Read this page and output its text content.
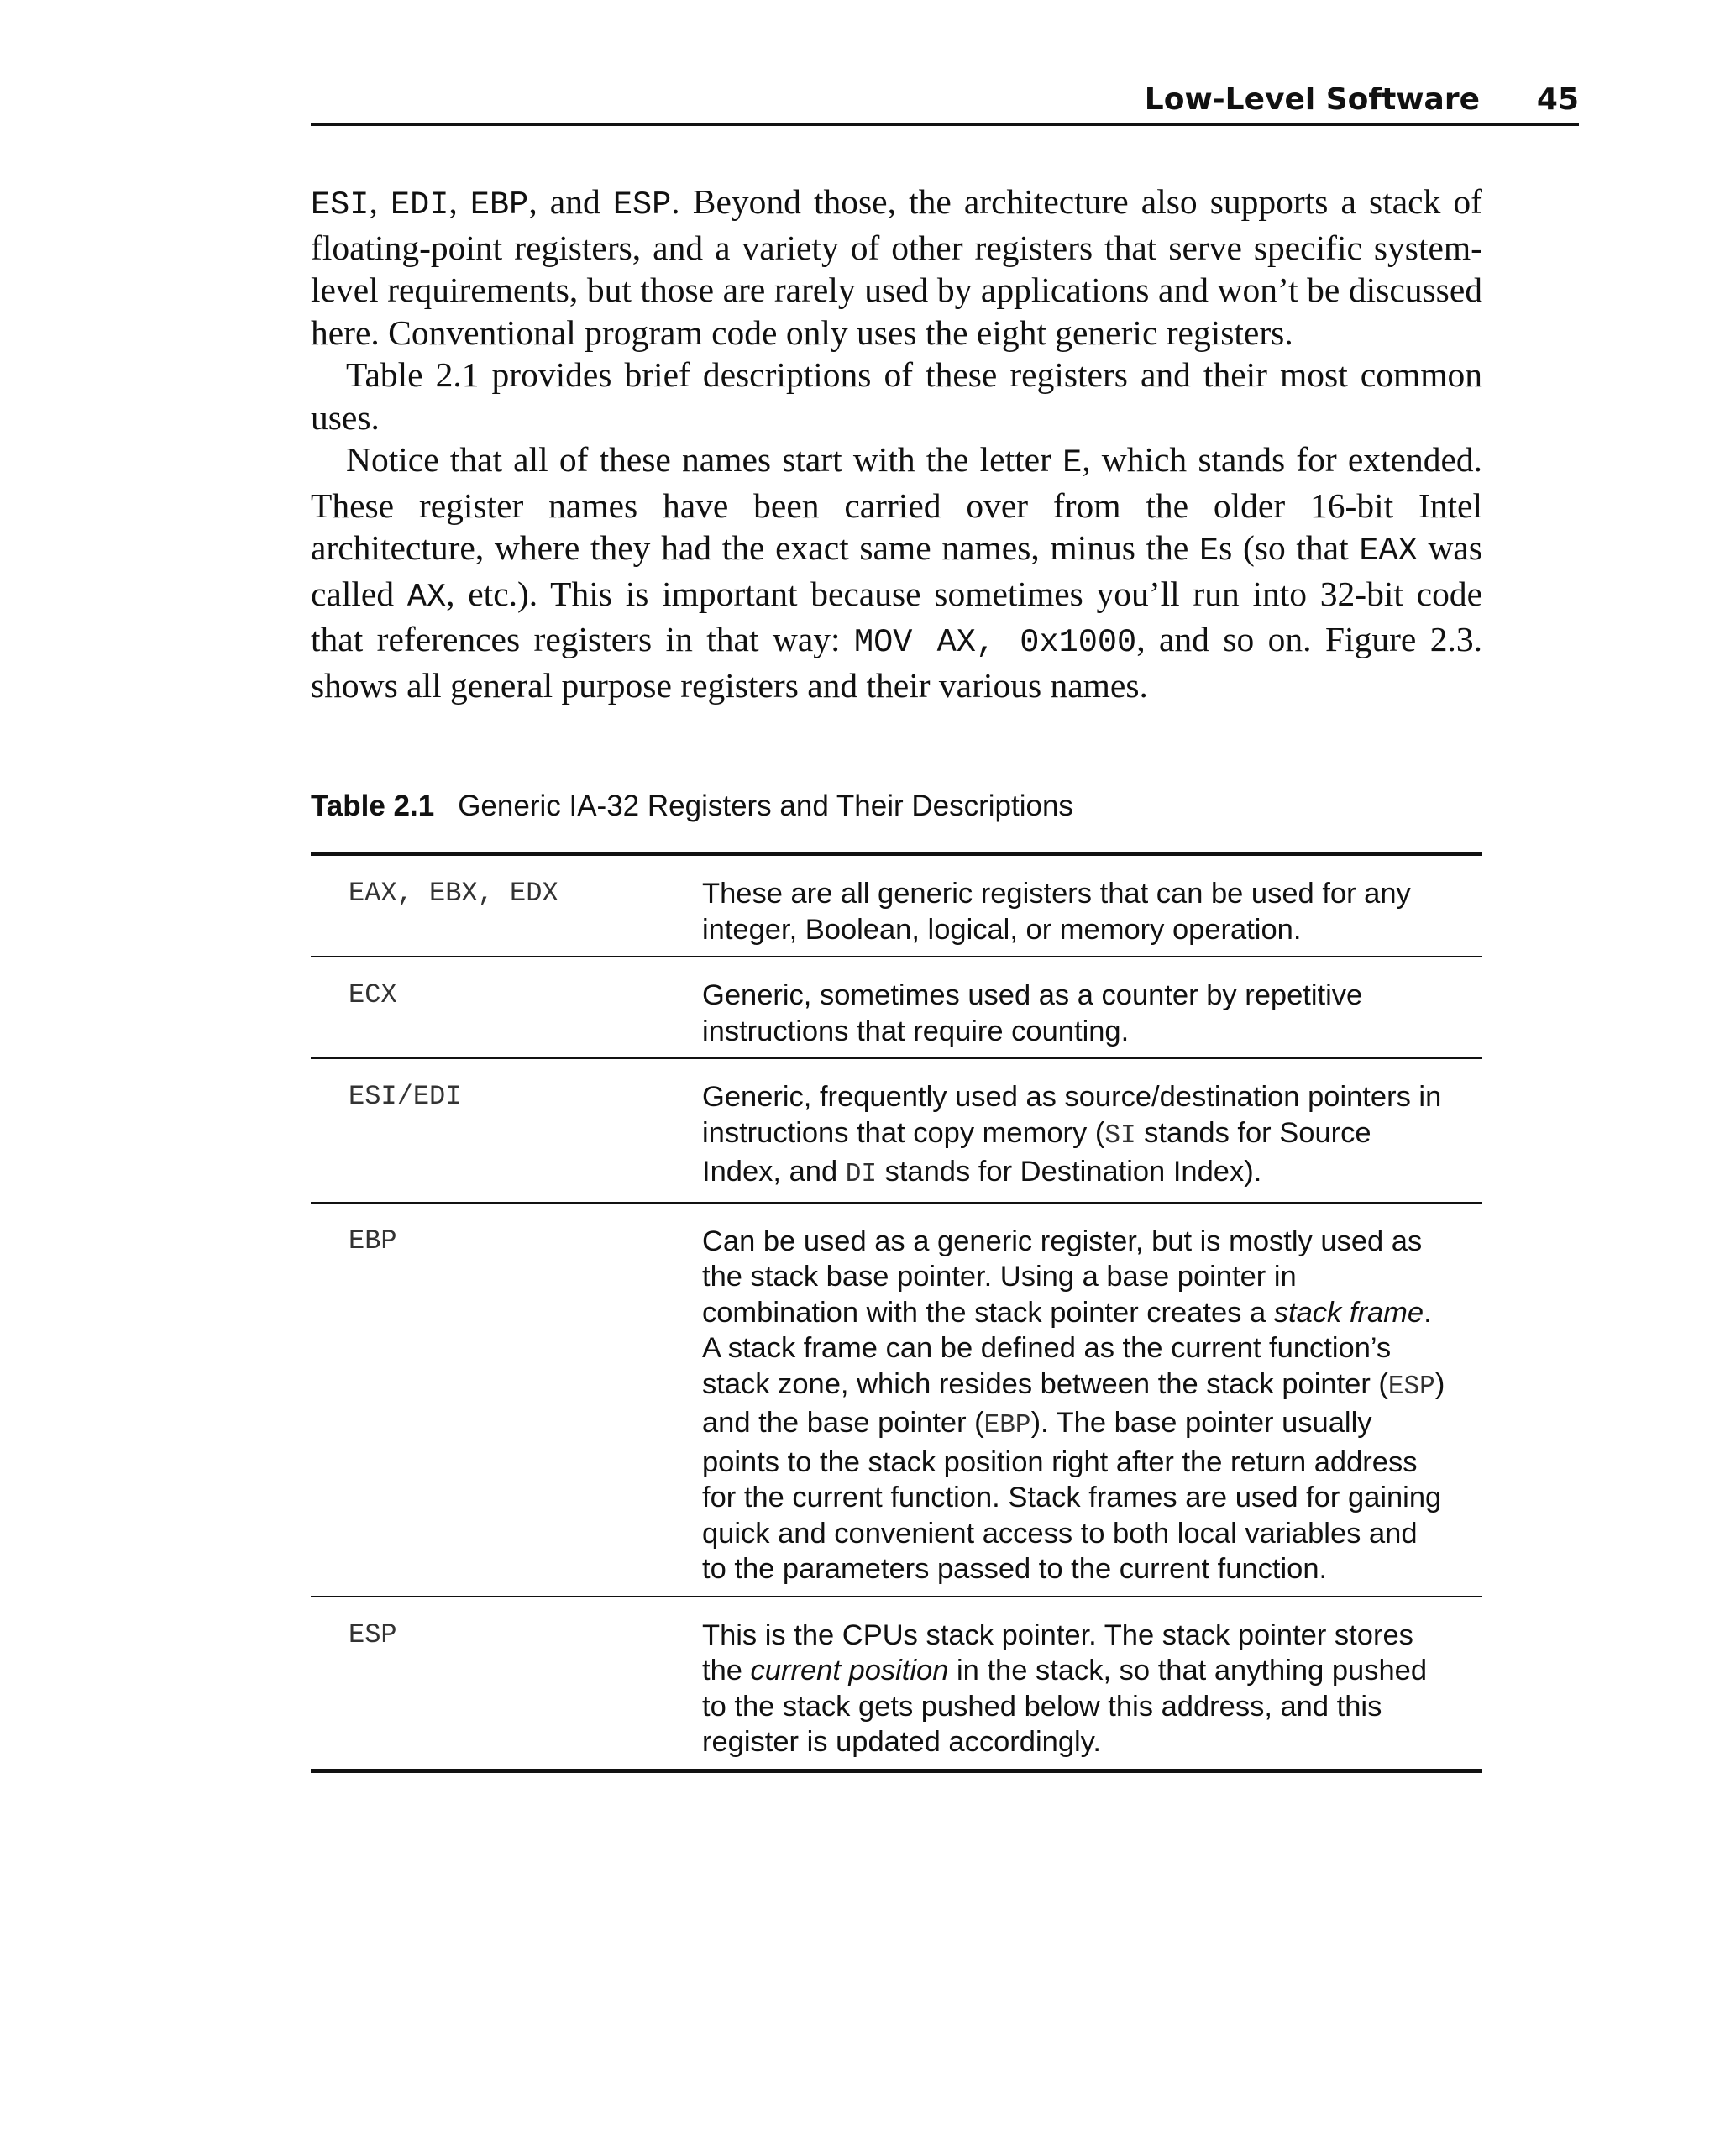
Low-Level Software 45

ESI, EDI, EBP, and ESP. Beyond those, the architecture also supports a stack of floating-point registers, and a variety of other registers that serve specific system-level requirements, but those are rarely used by applications and won’t be discussed here. Conventional program code only uses the eight generic registers.

Table 2.1 provides brief descriptions of these registers and their most common uses.

Notice that all of these names start with the letter E, which stands for extended. These register names have been carried over from the older 16-bit Intel architecture, where they had the exact same names, minus the Es (so that EAX was called AX, etc.). This is important because sometimes you’ll run into 32-bit code that references registers in that way: MOV AX, 0x1000, and so on. Figure 2.3. shows all general purpose registers and their various names.

Table 2.1 Generic IA-32 Registers and Their Descriptions
EAX, EBX, EDX	These are all generic registers that can be used for any integer, Boolean, logical, or memory operation.
ECX	Generic, sometimes used as a counter by repetitive instructions that require counting.
ESI/EDI	Generic, frequently used as source/destination pointers in instructions that copy memory (SI stands for Source Index, and DI stands for Destination Index).
EBP	Can be used as a generic register, but is mostly used as the stack base pointer. Using a base pointer in combination with the stack pointer creates a stack frame. A stack frame can be defined as the current function’s stack zone, which resides between the stack pointer (ESP) and the base pointer (EBP). The base pointer usually points to the stack position right after the return address for the current function. Stack frames are used for gaining quick and convenient access to both local variables and to the parameters passed to the current function.
ESP	This is the CPUs stack pointer. The stack pointer stores the current position in the stack, so that anything pushed to the stack gets pushed below this address, and this register is updated accordingly.
